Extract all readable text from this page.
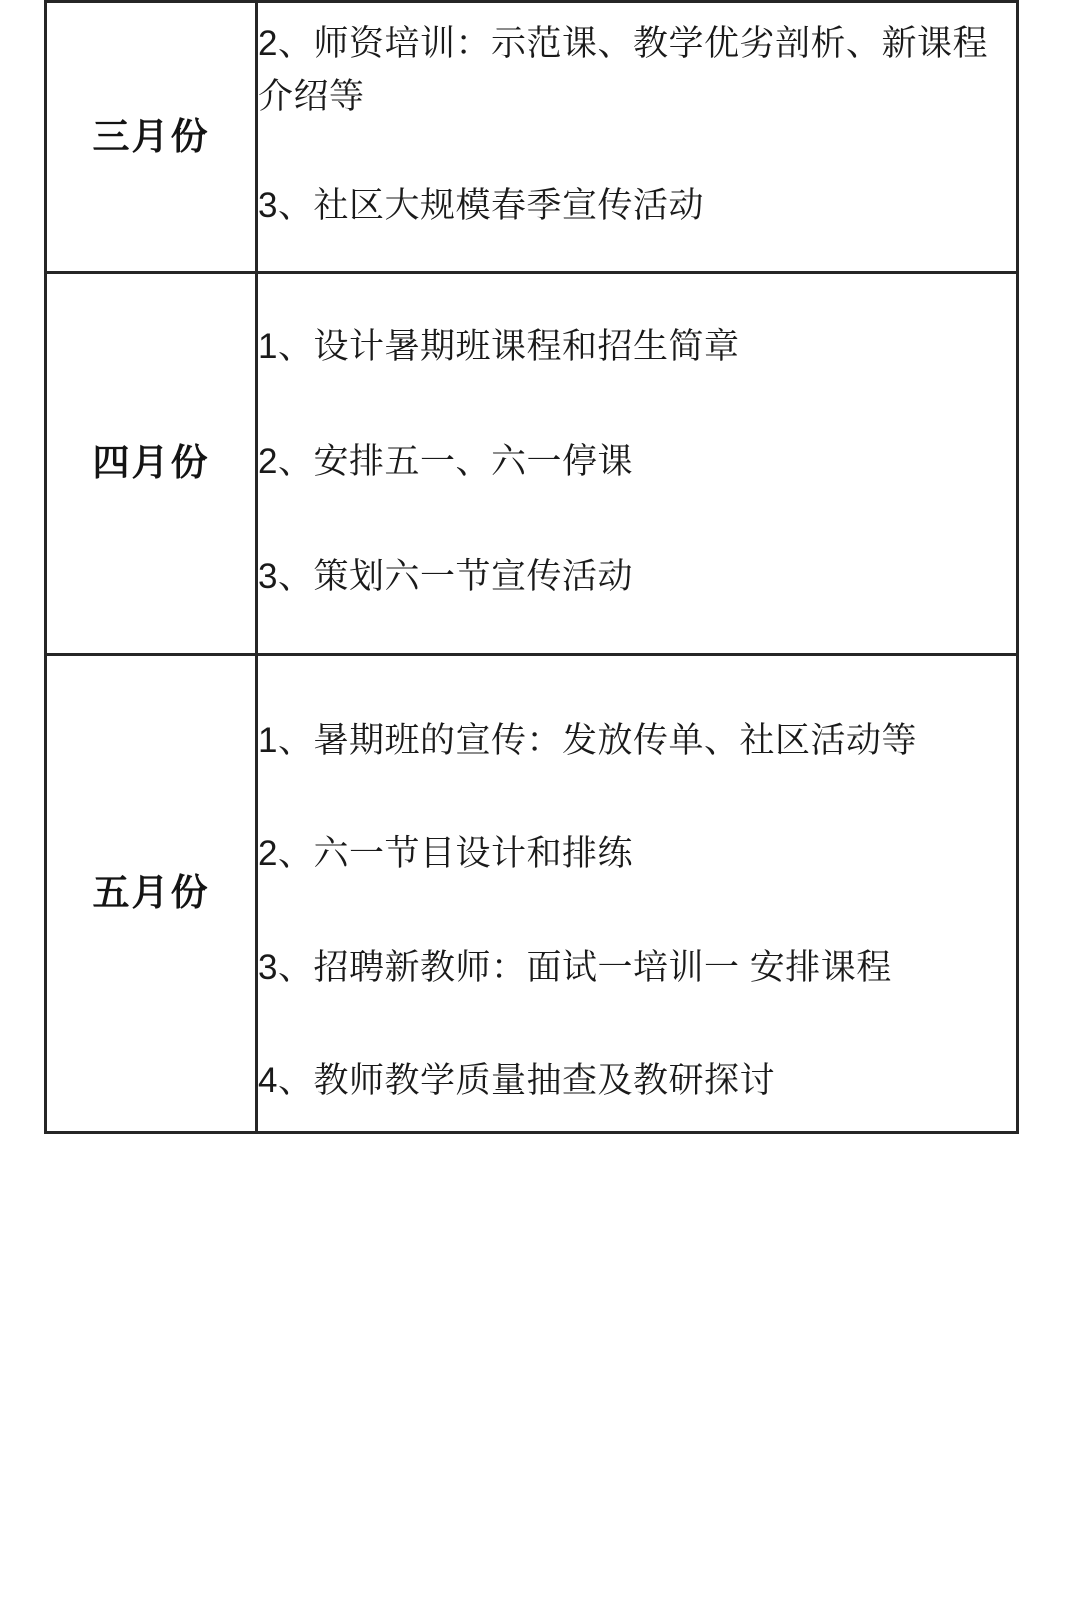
三月份	2、师资培训：示范课、教学优劣剖析、新课程介绍等

3、社区大规模春季宣传活动

四月份	1、设计暑期班课程和招生简章

2、安排五一、六一停课

3、策划六一节宣传活动

五月份	1、暑期班的宣传：发放传单、社区活动等

2、六一节目设计和排练

3、招聘新教师：面试一培训一 安排课程

4、教师教学质量抽查及教研探讨
